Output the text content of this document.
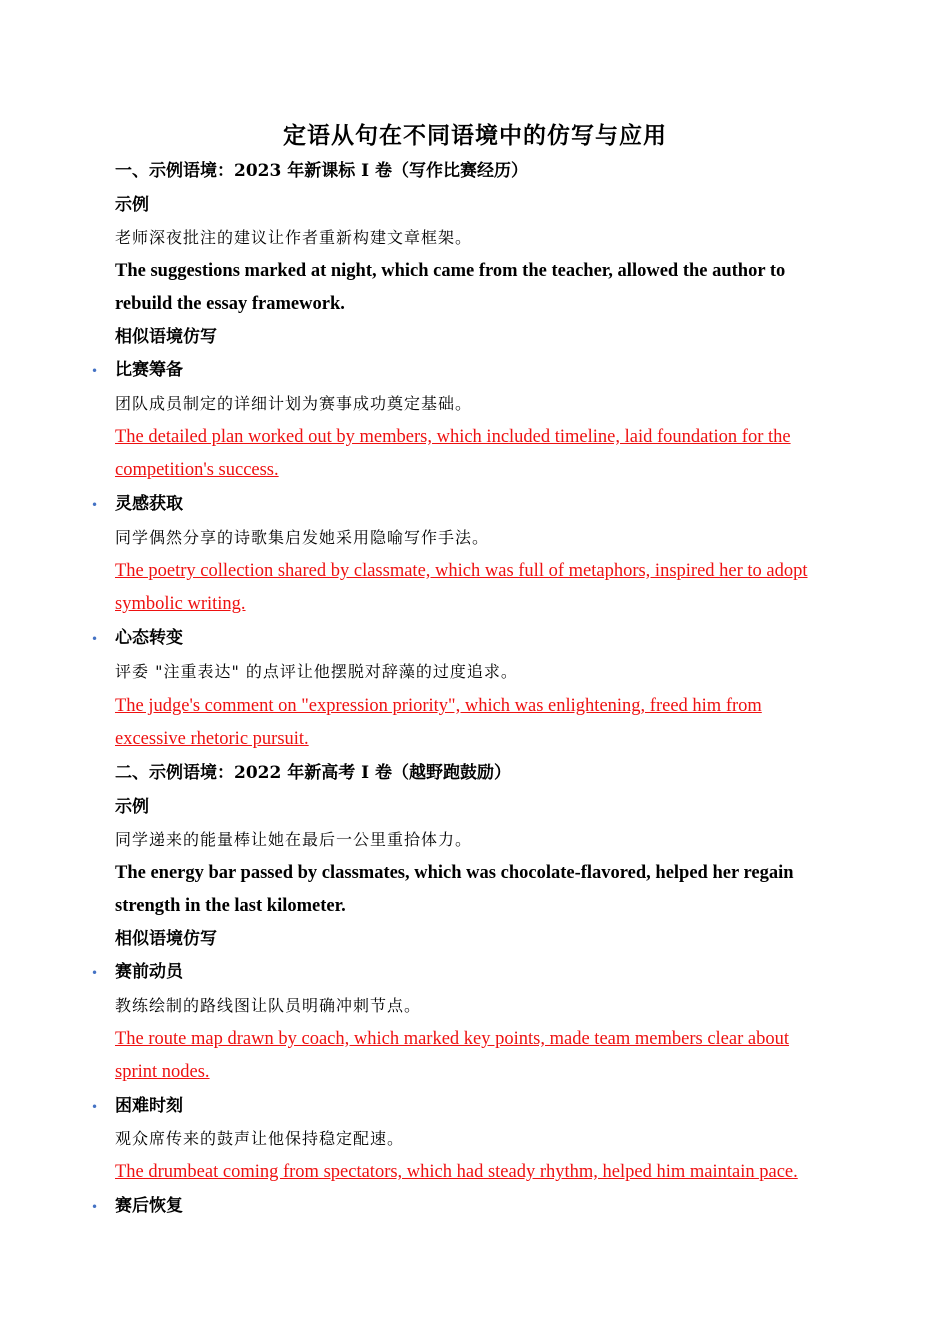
定语从句在不同语境中的仿写与应用
一、示例语境：2023 年新课标 Ⅰ 卷（写作比赛经历）
示例
老师深夜批注的建议让作者重新构建文章框架。
The suggestions marked at night, which came from the teacher, allowed the author to
rebuild the essay framework.
相似语境仿写
• 比赛筹备
团队成员制定的详细计划为赛事成功奠定基础。
The detailed plan worked out by members, which included timeline, laid foundation for the
competition's success.
• 灵感获取
同学偶然分享的诗歌集启发她采用隐喻写作手法。
The poetry collection shared by classmate, which was full of metaphors, inspired her to adopt
symbolic writing.
• 心态转变
评委 "注重表达" 的点评让他摆脱对辞藻的过度追求。
The judge's comment on "expression priority", which was enlightening, freed him from
excessive rhetoric pursuit.
二、示例语境：2022 年新高考 Ⅰ 卷（越野跑鼓励）
示例
同学递来的能量棒让她在最后一公里重拾体力。
The energy bar passed by classmates, which was chocolate-flavored, helped her regain
strength in the last kilometer.
相似语境仿写
• 赛前动员
教练绘制的路线图让队员明确冲刺节点。
The route map drawn by coach, which marked key points, made team members clear about
sprint nodes.
• 困难时刻
观众席传来的鼓声让他保持稳定配速。
The drumbeat coming from spectators, which had steady rhythm, helped him maintain pace.
• 赛后恢复
